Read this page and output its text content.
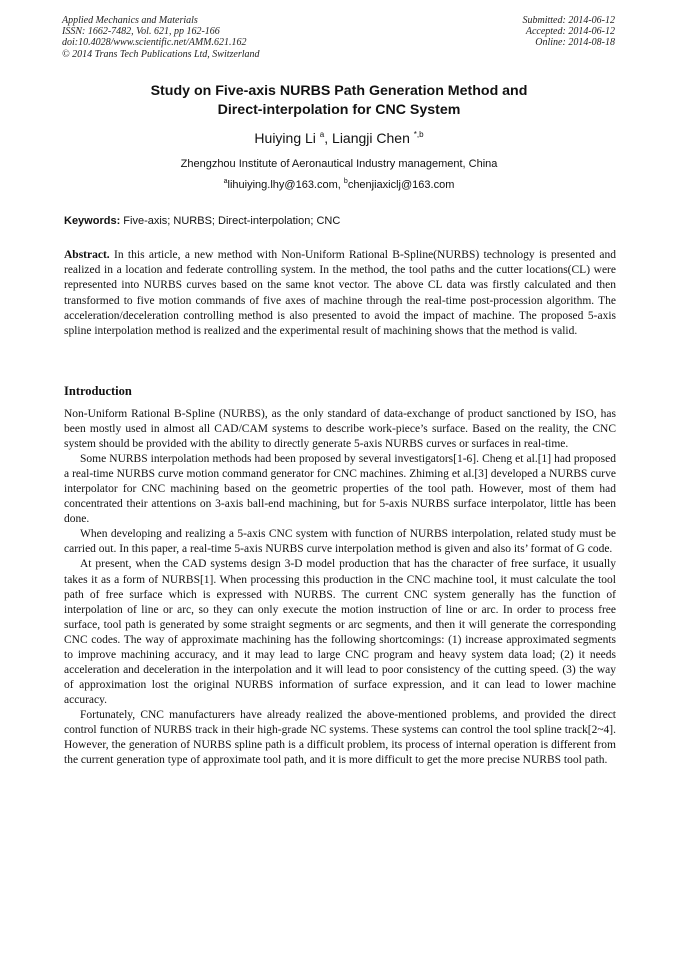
Applied Mechanics and Materials
ISSN: 1662-7482, Vol. 621, pp 162-166
doi:10.4028/www.scientific.net/AMM.621.162
© 2014 Trans Tech Publications Ltd, Switzerland
Submitted: 2014-06-12
Accepted: 2014-06-12
Online: 2014-08-18
Study on Five-axis NURBS Path Generation Method and
Direct-interpolation for CNC System
Huiying Li $^a$, Liangji Chen $^{*,b}$
Zhengzhou Institute of Aeronautical Industry management, China
$^a$lihuiying.lhy@163.com, $^b$chenjiaxiclj@163.com
Keywords: Five-axis; NURBS; Direct-interpolation; CNC
Abstract. In this article, a new method with Non-Uniform Rational B-Spline(NURBS) technology is presented and realized in a location and federate controlling system. In the method, the tool paths and the cutter locations(CL) were represented into NURBS curves based on the same knot vector. The above CL data was firstly calculated and then transformed to five motion commands of five axes of machine through the real-time post-procession algorithm. The acceleration/deceleration controlling method is also presented to avoid the impact of machine. The proposed 5-axis spline interpolation method is realized and the experimental result of machining shows that the method is valid.
Introduction

Non-Uniform Rational B-Spline (NURBS), as the only standard of data-exchange of product sanctioned by ISO, has been mostly used in almost all CAD/CAM systems to describe work-piece’s surface. Based on the reality, the CNC system should be provided with the ability to directly generate 5-axis NURBS curves or surfaces in real-time.

Some NURBS interpolation methods had been proposed by several investigators[1-6]. Cheng et al.[1] had proposed a real-time NURBS curve motion command generator for CNC machines. Zhiming et al.[3] developed a NURBS curve interpolator for CNC machining based on the geometric properties of the tool path. However, most of them had concentrated their attentions on 3-axis ball-end machining, but for 5-axis NURBS surface interpolator, little has been done.

When developing and realizing a 5-axis CNC system with function of NURBS interpolation, related study must be carried out. In this paper, a real-time 5-axis NURBS curve interpolation method is given and also its’ format of G code.

At present, when the CAD systems design 3-D model production that has the character of free surface, it usually takes it as a form of NURBS[1]. When processing this production in the CNC machine tool, it must calculate the tool path of free surface which is expressed with NURBS. The current CNC system generally has the function of interpolation of line or arc, so they can only execute the motion instruction of line or arc. In order to process free surface, tool path is generated by some straight segments or arc segments, and then it will generate the corresponding CNC codes. The way of approximate machining has the following shortcomings: (1) increase approximated segments to improve machining accuracy, and it may lead to large CNC program and heavy system data load; (2) it needs acceleration and deceleration in the interpolation and it will lead to poor consistency of the cutting speed. (3) the way of approximation lost the original NURBS information of surface expression, and it can lead to lower machine accuracy.

Fortunately, CNC manufacturers have already realized the above-mentioned problems, and provided the direct control function of NURBS track in their high-grade NC systems. These systems can control the tool spline track[2~4]. However, the generation of NURBS spline path is a difficult problem, its process of internal operation is different from the current generation type of approximate tool path, and it is more difficult to get the more precise NURBS tool path.
